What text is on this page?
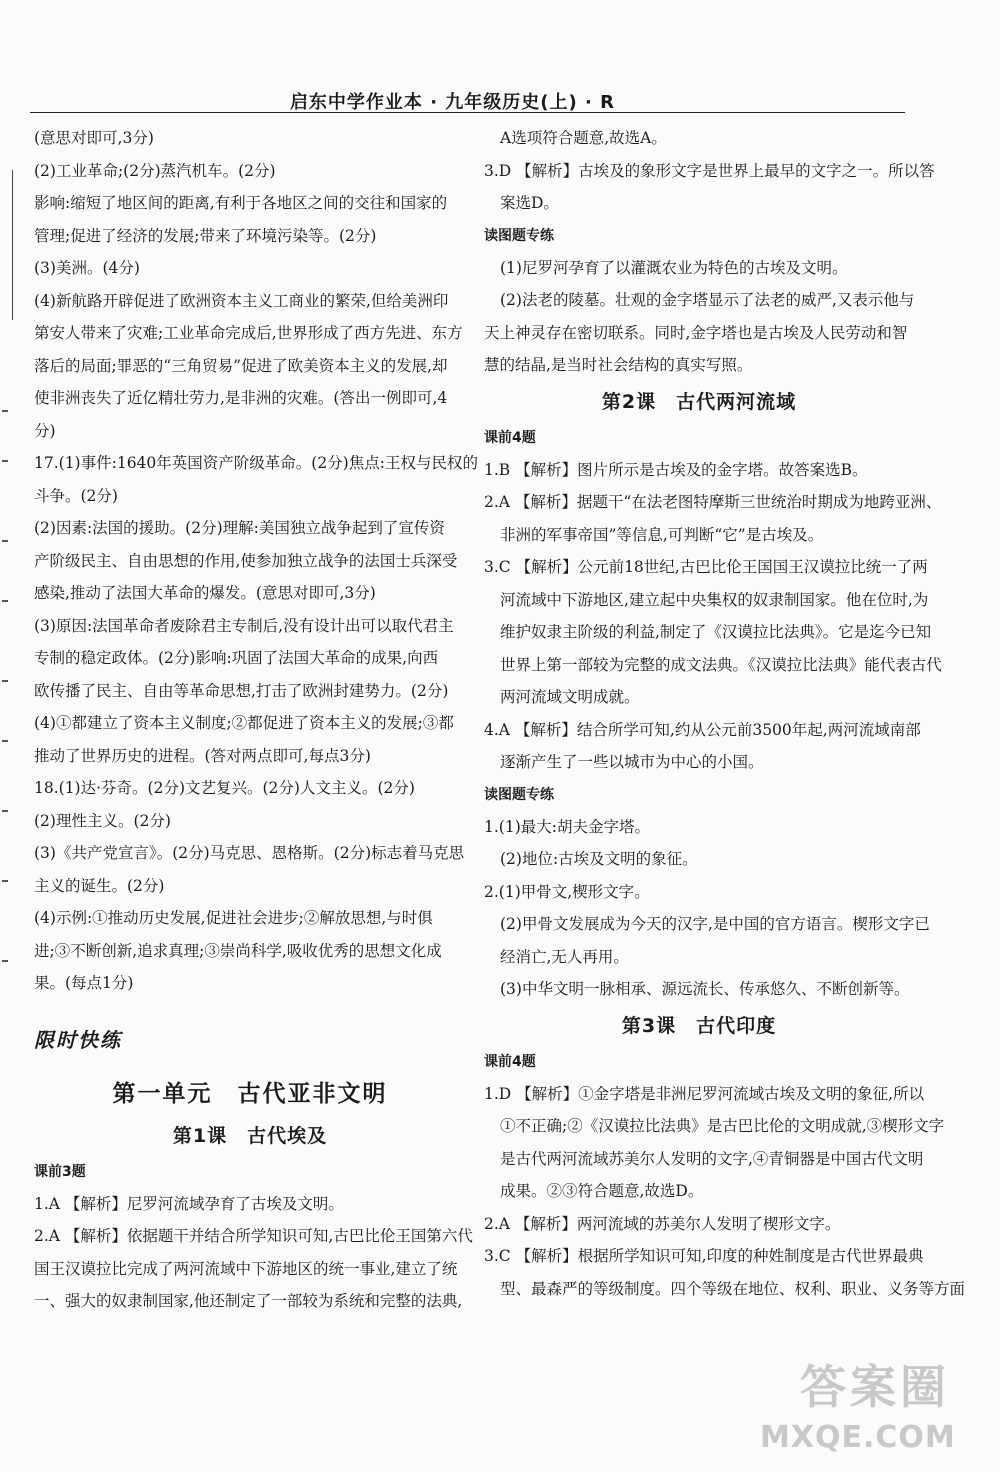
启东中学作业本 · 九年级历史(上) · R
(意思对即可,3分)
(2)工业革命;(2分)蒸汽机车。(2分)
影响:缩短了地区间的距离,有利于各地区之间的交往和国家的
管理;促进了经济的发展;带来了环境污染等。(2分)
(3)美洲。(4分)
(4)新航路开辟促进了欧洲资本主义工商业的繁荣,但给美洲印
第安人带来了灾难;工业革命完成后,世界形成了西方先进、东方
落后的局面;罪恶的“三角贸易”促进了欧美资本主义的发展,却
使非洲丧失了近亿精壮劳力,是非洲的灾难。(答出一例即可,4
分)
17.(1)事件:1640年英国资产阶级革命。(2分)焦点:王权与民权的
斗争。(2分)
(2)因素:法国的援助。(2分)理解:美国独立战争起到了宣传资
产阶级民主、自由思想的作用,使参加独立战争的法国士兵深受
感染,推动了法国大革命的爆发。(意思对即可,3分)
(3)原因:法国革命者废除君主专制后,没有设计出可以取代君主
专制的稳定政体。(2分)影响:巩固了法国大革命的成果,向西
欧传播了民主、自由等革命思想,打击了欧洲封建势力。(2分)
(4)①都建立了资本主义制度;②都促进了资本主义的发展;③都
推动了世界历史的进程。(答对两点即可,每点3分)
18.(1)达·芬奇。(2分)文艺复兴。(2分)人文主义。(2分)
(2)理性主义。(2分)
(3)《共产党宣言》。(2分)马克思、恩格斯。(2分)标志着马克思
主义的诞生。(2分)
(4)示例:①推动历史发展,促进社会进步;②解放思想,与时俱
进;③不断创新,追求真理;③崇尚科学,吸收优秀的思想文化成
果。(每点1分)
限时快练
第一单元　古代亚非文明
第1课　古代埃及
课前3题
1.A 【解析】尼罗河流域孕育了古埃及文明。
2.A 【解析】依据题干并结合所学知识可知,古巴比伦王国第六代
国王汉谟拉比完成了两河流域中下游地区的统一事业,建立了统
一、强大的奴隶制国家,他还制定了一部较为系统和完整的法典,
A选项符合题意,故选A。
3.D 【解析】古埃及的象形文字是世界上最早的文字之一。所以答
案选D。
读图题专练
(1)尼罗河孕育了以灌溉农业为特色的古埃及文明。
(2)法老的陵墓。壮观的金字塔显示了法老的威严,又表示他与
天上神灵存在密切联系。同时,金字塔也是古埃及人民劳动和智
慧的结晶,是当时社会结构的真实写照。
第2课　古代两河流域
课前4题
1.B 【解析】图片所示是古埃及的金字塔。故答案选B。
2.A 【解析】据题干“在法老图特摩斯三世统治时期成为地跨亚洲、
非洲的军事帝国”等信息,可判断“它”是古埃及。
3.C 【解析】公元前18世纪,古巴比伦王国国王汉谟拉比统一了两
河流域中下游地区,建立起中央集权的奴隶制国家。他在位时,为
维护奴隶主阶级的利益,制定了《汉谟拉比法典》。它是迄今已知
世界上第一部较为完整的成文法典。《汉谟拉比法典》能代表古代
两河流域文明成就。
4.A 【解析】结合所学可知,约从公元前3500年起,两河流域南部
逐渐产生了一些以城市为中心的小国。
读图题专练
1.(1)最大:胡夫金字塔。
(2)地位:古埃及文明的象征。
2.(1)甲骨文,楔形文字。
(2)甲骨文发展成为今天的汉字,是中国的官方语言。楔形文字已
经消亡,无人再用。
(3)中华文明一脉相承、源远流长、传承悠久、不断创新等。
第3课　古代印度
课前4题
1.D 【解析】①金字塔是非洲尼罗河流域古埃及文明的象征,所以
①不正确;②《汉谟拉比法典》是古巴比伦的文明成就,③楔形文字
是古代两河流域苏美尔人发明的文字,④青铜器是中国古代文明
成果。②③符合题意,故选D。
2.A 【解析】两河流域的苏美尔人发明了楔形文字。
3.C 【解析】根据所学知识可知,印度的种姓制度是古代世界最典
型、最森严的等级制度。四个等级在地位、权利、职业、义务等方面
答案圈
MXQE.COM
